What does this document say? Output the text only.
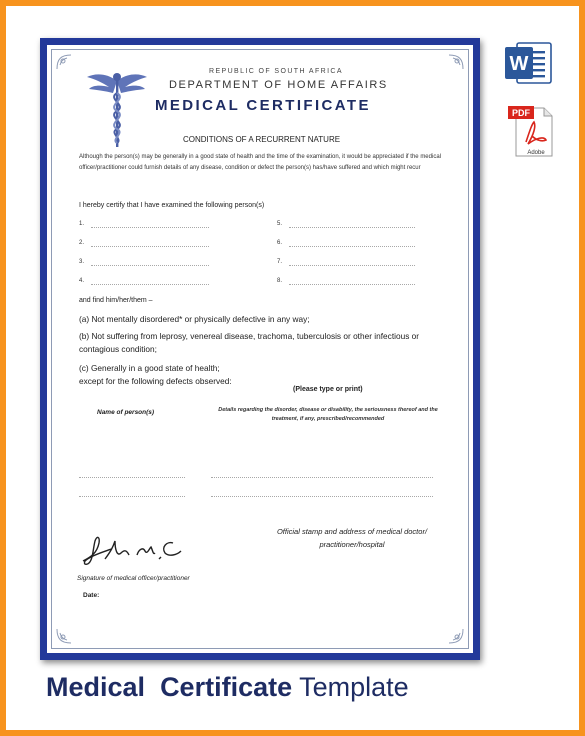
REPUBLIC OF SOUTH AFRICA
DEPARTMENT OF HOME AFFAIRS
MEDICAL CERTIFICATE
CONDITIONS OF A RECURRENT NATURE
Although the person(s) may be generally in a good state of health and the time of the examination, it would be appreciated if the medical officer/practitioner could furnish details of any disease, condition or defect the person(s) has/have suffered and which might recur
I hereby certify that I have examined the following person(s)
1.
2.
3.
4.
5.
6.
7.
8.
and find him/her/them –
(a) Not mentally disordered* or physically defective in any way;
(b) Not suffering from leprosy, venereal disease, trachoma, tuberculosis or other infectious or contagious condition;
(c) Generally in a good state of health;
except for the following defects observed:
(Please type or print)
Name of person(s)	Details regarding the disorder, disease or disability, the seriousness thereof and the treatment, if any, prescribed/recommended
Official stamp and address of medical doctor/ practitioner/hospital
Signature of medical officer/practitioner
Date:
W
PDF
Adobe
Medical Certificate Template
